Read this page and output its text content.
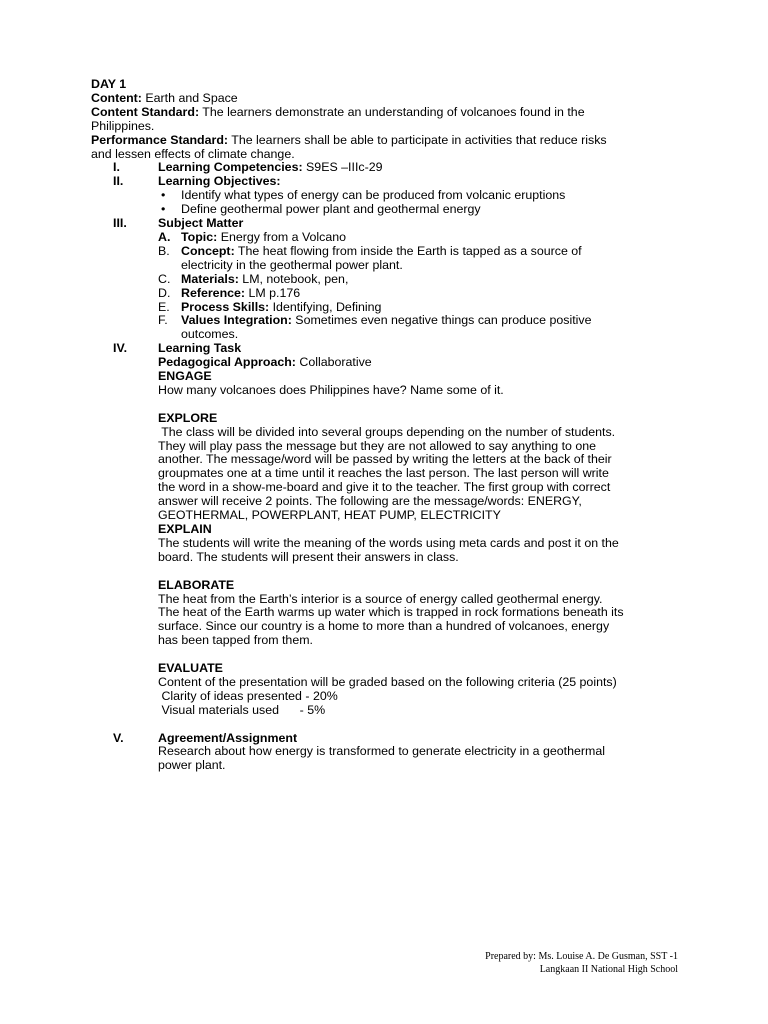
DAY 1
Content: Earth and Space
Content Standard: The learners demonstrate an understanding of volcanoes found in the
Philippines.
Performance Standard: The learners shall be able to participate in activities that reduce risks
and lessen effects of climate change.
I.	Learning Competencies: S9ES –IIIc-29
II.	Learning Objectives:
• Identify what types of energy can be produced from volcanic eruptions
• Define geothermal power plant and geothermal energy
III.	Subject Matter
A. Topic: Energy from a Volcano
B. Concept: The heat flowing from inside the Earth is tapped as a source of
electricity in the geothermal power plant.
C. Materials: LM, notebook, pen,
D. Reference: LM p.176
E. Process Skills: Identifying, Defining
F. Values Integration: Sometimes even negative things can produce positive
outcomes.
IV. Learning Task
Pedagogical Approach: Collaborative
ENGAGE
How many volcanoes does Philippines have? Name some of it.
EXPLORE
The class will be divided into several groups depending on the number of students.
They will play pass the message but they are not allowed to say anything to one
another. The message/word will be passed by writing the letters at the back of their
groupmates one at a time until it reaches the last person. The last person will write
the word in a show-me-board and give it to the teacher. The first group with correct
answer will receive 2 points. The following are the message/words: ENERGY,
GEOTHERMAL, POWERPLANT, HEAT PUMP, ELECTRICITY
EXPLAIN
The students will write the meaning of the words using meta cards and post it on the
board. The students will present their answers in class.
ELABORATE
The heat from the Earth’s interior is a source of energy called geothermal energy.
The heat of the Earth warms up water which is trapped in rock formations beneath its
surface. Since our country is a home to more than a hundred of volcanoes, energy
has been tapped from them.
EVALUATE
Content of the presentation will be graded based on the following criteria (25 points)
Clarity of ideas presented - 20%
Visual materials used      - 5%
V.	Agreement/Assignment
Research about how energy is transformed to generate electricity in a geothermal
power plant.
Prepared by: Ms. Louise A. De Gusman, SST -1
Langkaan II National High School
